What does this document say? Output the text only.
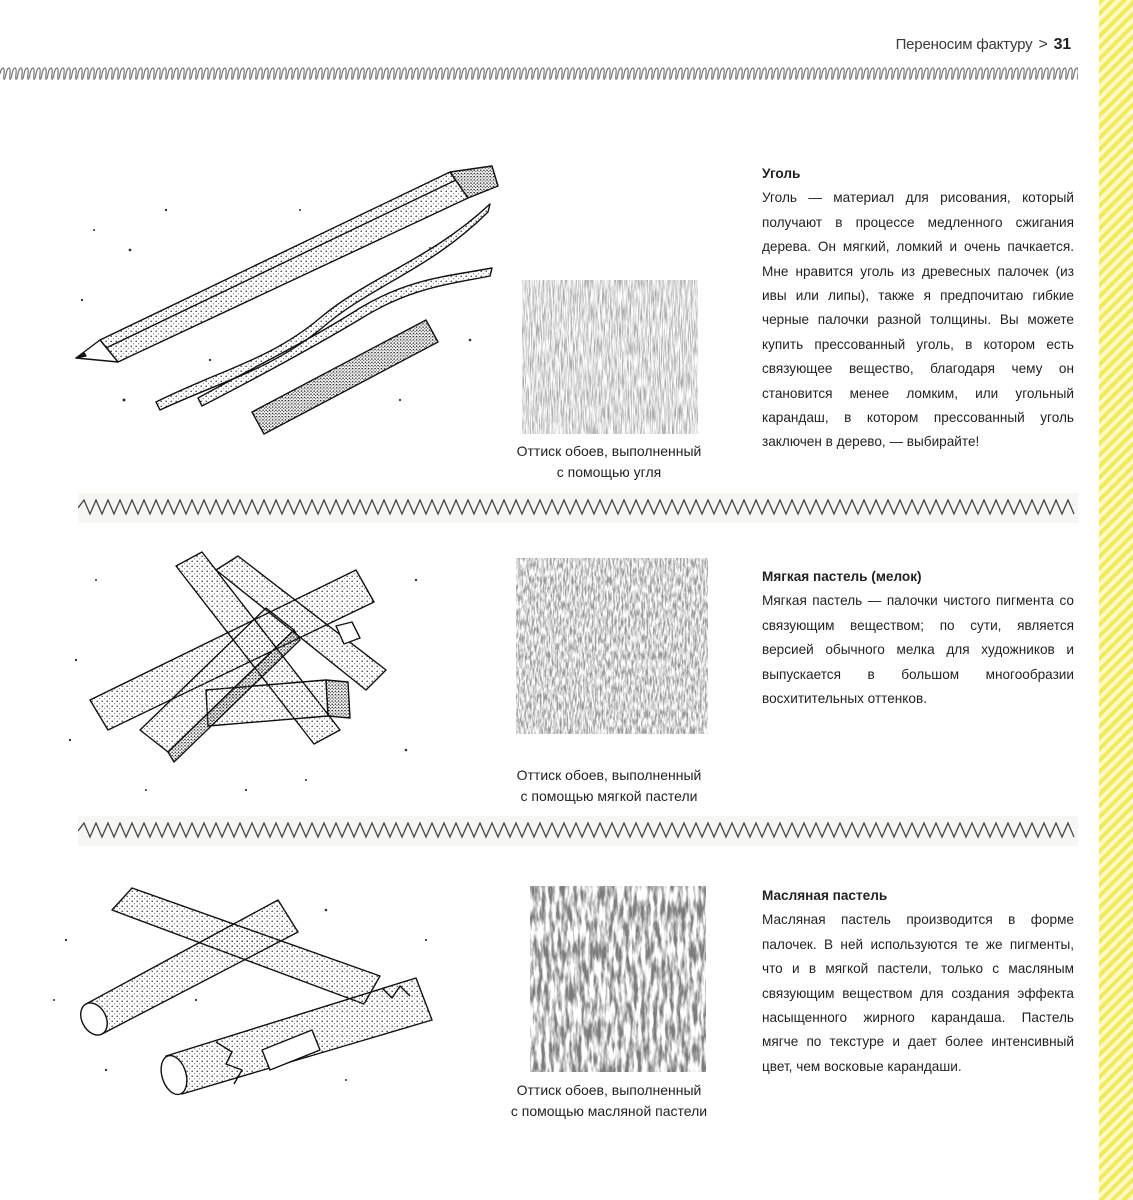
Переносим фактуру > 31
Оттиск обоев, выполненный
с помощью угля
Уголь

Уголь — материал для рисования, который получают в процессе медленного сжигания дерева. Он мягкий, ломкий и очень пачкается. Мне нравится уголь из древесных палочек (из ивы или липы), также я предпочитаю гибкие черные палочки разной толщины. Вы можете купить прессованный уголь, в котором есть связующее вещество, благодаря чему он становится менее ломким, или угольный карандаш, в котором прессованный уголь заключен в дерево, — выбирайте!

Оттиск обоев, выполненный
с помощью мягкой пастели
Мягкая пастель (мелок)

Мягкая пастель — палочки чистого пигмента со связующим веществом; по сути, является версией обычного мелка для художников и выпускается в большом многообразии восхитительных оттенков.

Оттиск обоев, выполненный
с помощью масляной пастели
Масляная пастель

Масляная пастель производится в форме палочек. В ней используются те же пигменты, что и в мягкой пастели, только с масляным связующим веществом для создания эффекта насыщенного жирного карандаша. Пастель мягче по текстуре и дает более интенсивный цвет, чем восковые карандаши.
